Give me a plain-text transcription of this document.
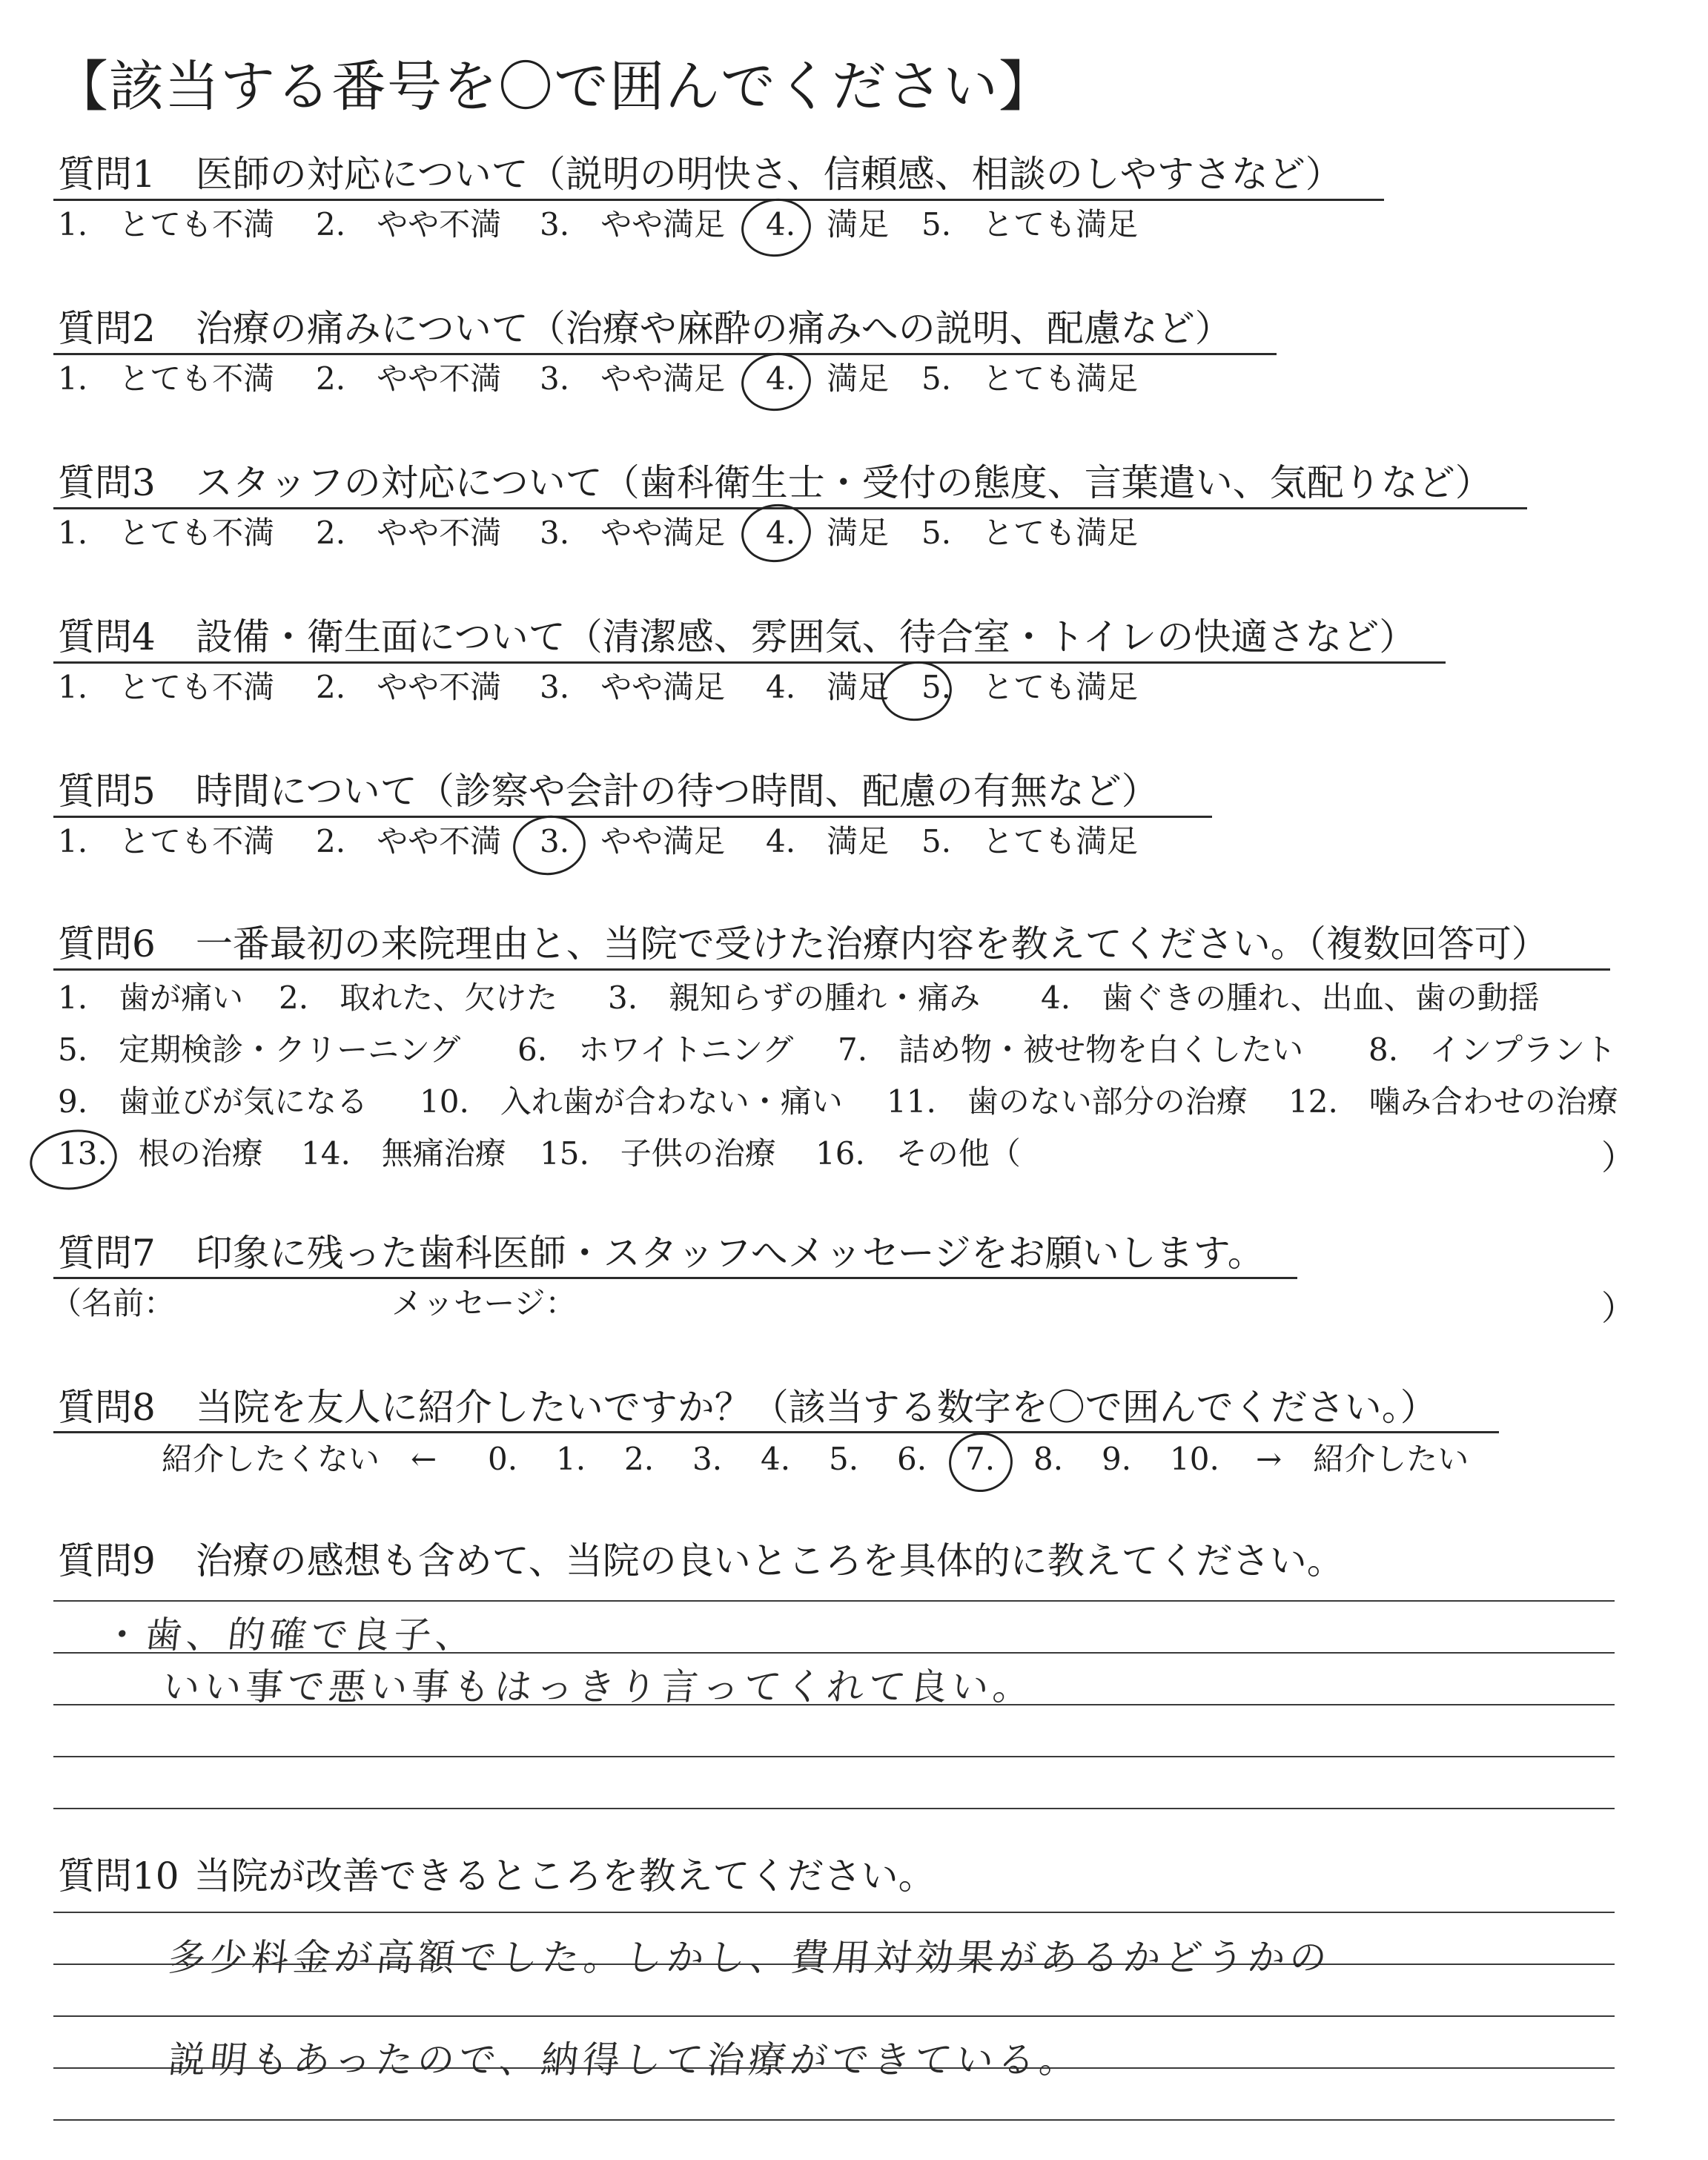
【該当する番号を〇で囲んでください】
質問1 医師の対応について（説明の明快さ、信頼感、相談のしやすさなど）
1.　とても不満 2.　やや不満 3.　やや満足 4.　満足 5.　とても満足
質問2 治療の痛みについて（治療や麻酔の痛みへの説明、配慮など）
1.　とても不満 2.　やや不満 3.　やや満足 4.　満足 5.　とても満足
質問3 スタッフの対応について（歯科衛生士・受付の態度、言葉遣い、気配りなど）
1.　とても不満 2.　やや不満 3.　やや満足 4.　満足 5.　とても満足
質問4 設備・衛生面について（清潔感、雰囲気、待合室・トイレの快適さなど）
1.　とても不満 2.　やや不満 3.　やや満足 4.　満足 5.　とても満足
質問5 時間について（診察や会計の待つ時間、配慮の有無など）
1.　とても不満 2.　やや不満 3.　やや満足 4.　満足 5.　とても満足
質問6 一番最初の来院理由と、当院で受けた治療内容を教えてください。（複数回答可）
1.　歯が痛い 2.　取れた、欠けた 3.　親知らずの腫れ・痛み 4.　歯ぐきの腫れ、出血、歯の動揺
5.　定期検診・クリーニング 6.　ホワイトニング 7.　詰め物・被せ物を白くしたい 8.　インプラント
9.　歯並びが気になる 10.　入れ歯が合わない・痛い 11.　歯のない部分の治療 12.　噛み合わせの治療
13.　根の治療 14.　無痛治療 15.　子供の治療 16.　その他（	）
質問7 印象に残った歯科医師・スタッフへメッセージをお願いします。
（名前：	メッセージ：	）
質問8 当院を友人に紹介したいですか？（該当する数字を〇で囲んでください。）
紹介したくない　← 0. 1. 2. 3. 4. 5. 6. 7. 8. 9. 10. →　紹介したい
質問9 治療の感想も含めて、当院の良いところを具体的に教えてください。
・歯、的確で良子、
いい事で悪い事もはっきり言ってくれて良い。
質問10 当院が改善できるところを教えてください。
多少料金が高額でした。しかし、費用対効果があるかどうかの
説明もあったので、納得して治療ができている。
